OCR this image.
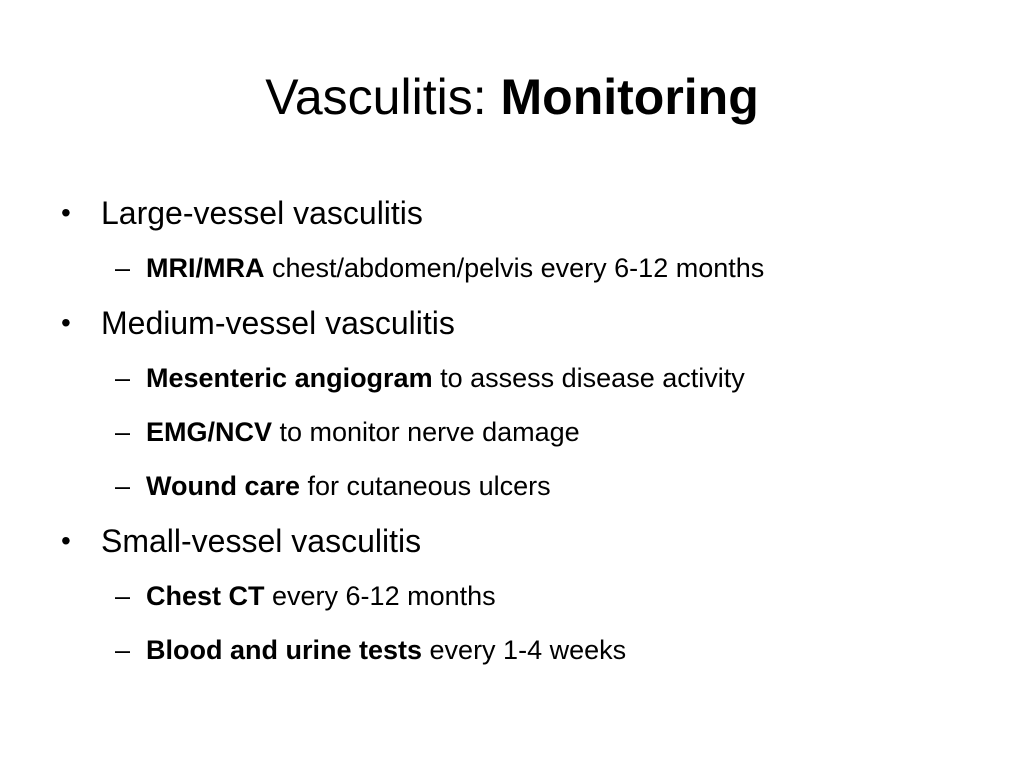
Vasculitis: Monitoring
• Large-vessel vasculitis
– MRI/MRA chest/abdomen/pelvis every 6-12 months
• Medium-vessel vasculitis
– Mesenteric angiogram to assess disease activity
– EMG/NCV to monitor nerve damage
– Wound care for cutaneous ulcers
• Small-vessel vasculitis
– Chest CT every 6-12 months
– Blood and urine tests every 1-4 weeks
